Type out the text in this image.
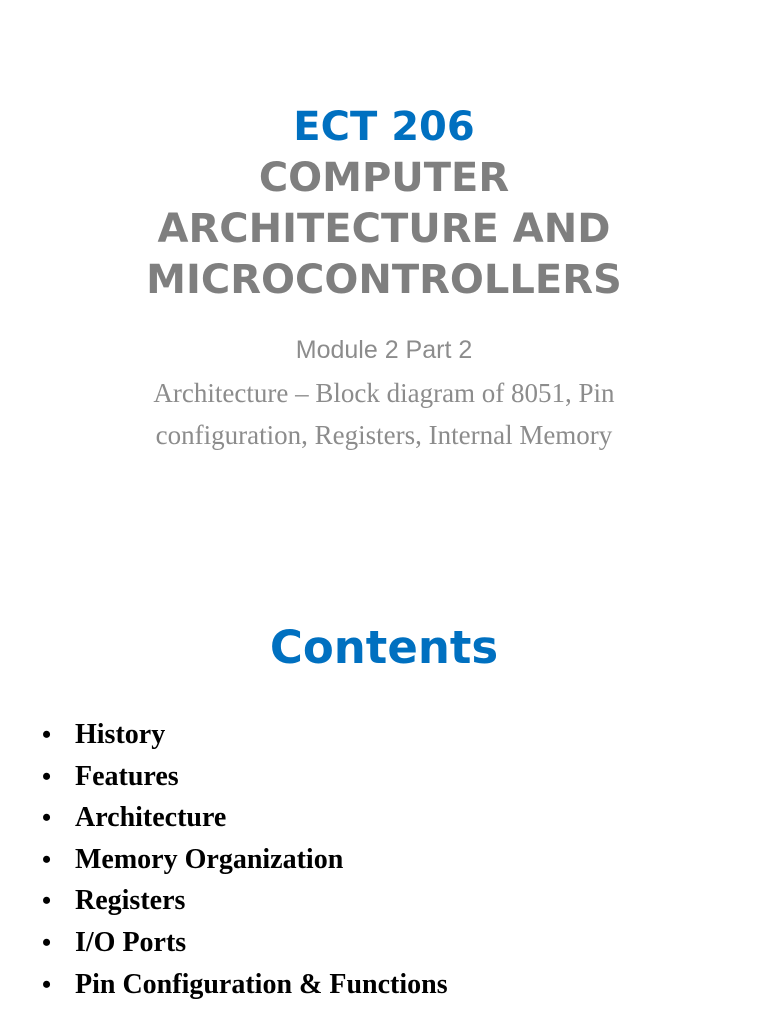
ECT 206
COMPUTER
ARCHITECTURE AND
MICROCONTROLLERS
Module 2 Part 2
Architecture – Block diagram of 8051, Pin
configuration, Registers, Internal Memory
Contents
• History
• Features
• Architecture
• Memory Organization
• Registers
• I/O Ports
• Pin Configuration & Functions
